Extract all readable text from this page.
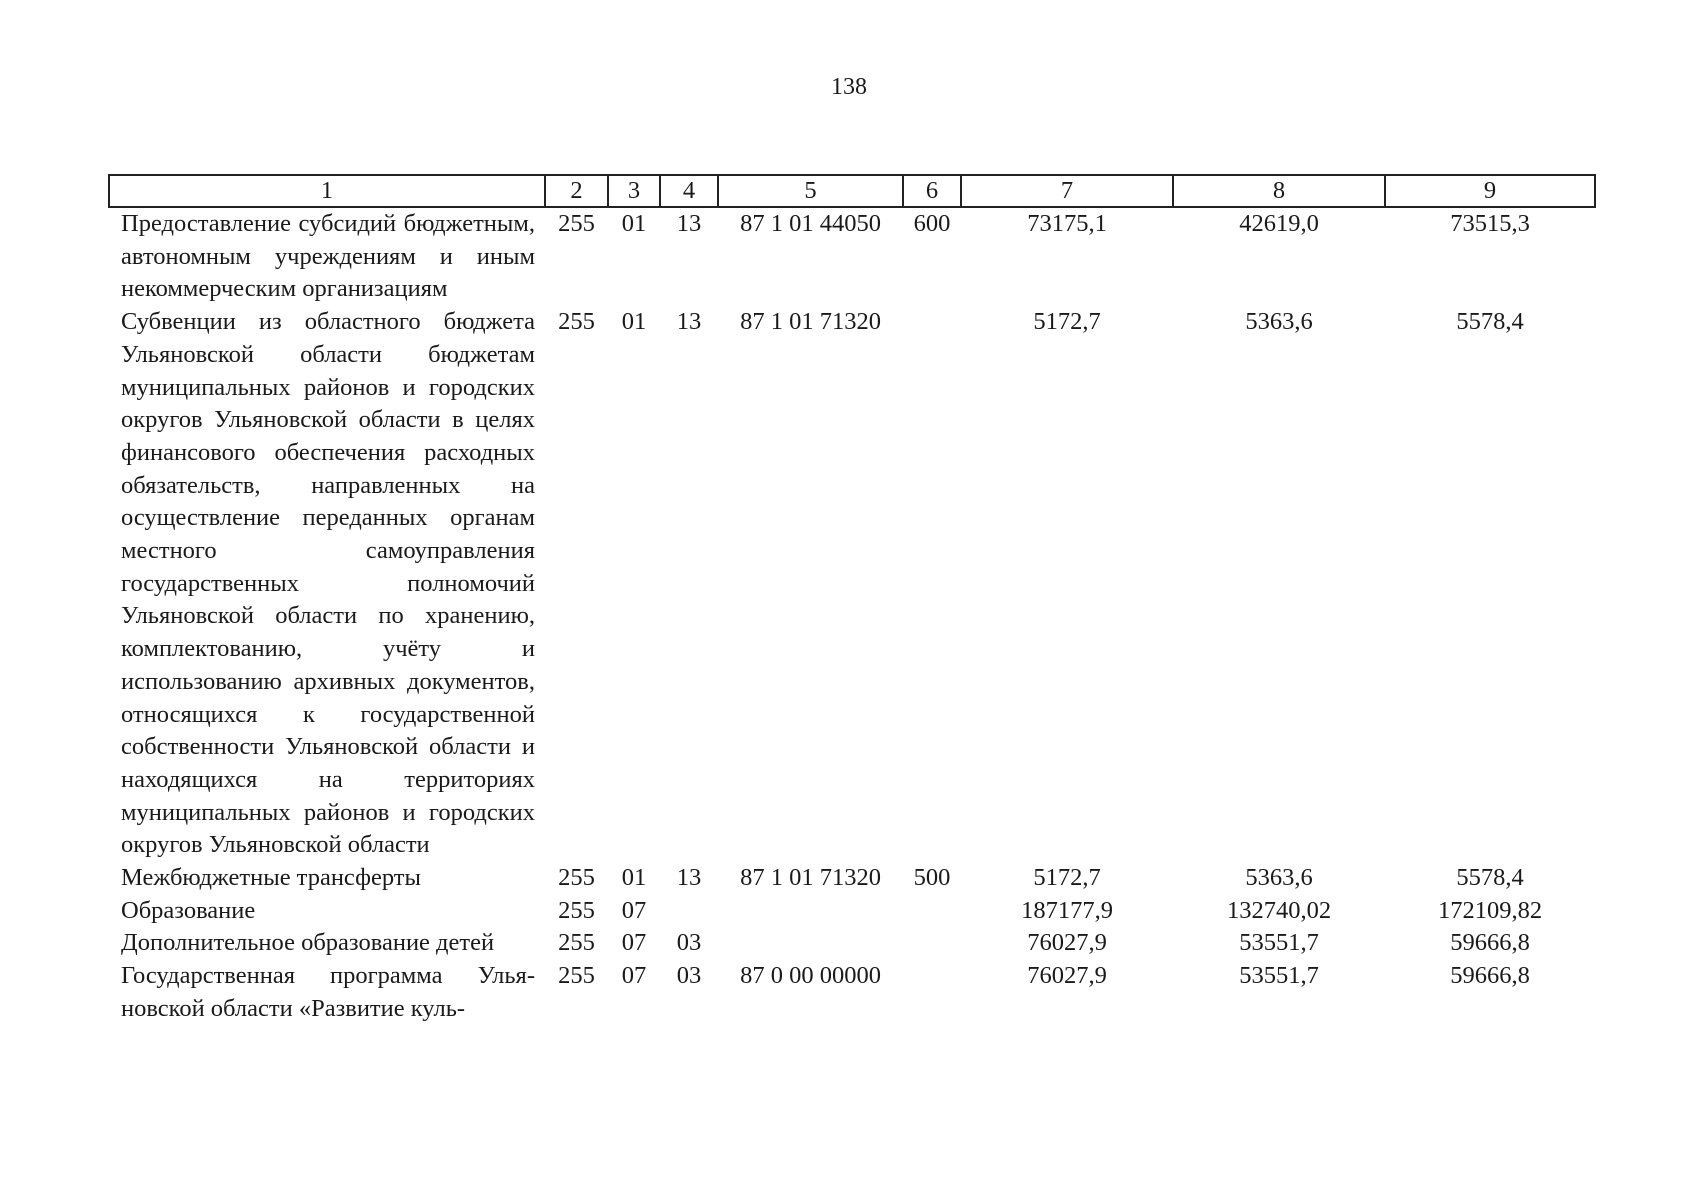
138
1	2	3	4	5	6	7	8	9
Предоставление субсидий бюджетным, автономным учреждениям и иным некоммерческим организациям	255	01	13	87 1 01 44050	600	73175,1	42619,0	73515,3
Субвенции из областного бюджета Ульяновской области бюджетам муниципальных районов и городских округов Ульяновской области в целях финансового обеспечения расходных обязательств, направленных на осуществление переданных органам местного самоуправления государственных полномочий Ульяновской области по хранению, комплектованию, учёту и использованию архивных документов, относящихся к государственной собственности Ульяновской области и находящихся на территориях муниципальных районов и городских округов Ульяновской области	255	01	13	87 1 01 71320		5172,7	5363,6	5578,4
Межбюджетные трансферты	255	01	13	87 1 01 71320	500	5172,7	5363,6	5578,4
Образование	255	07				187177,9	132740,02	172109,82
Дополнительное образование детей	255	07	03			76027,9	53551,7	59666,8
Государственная программа Ульяновской области «Развитие куль-	255	07	03	87 0 00 00000		76027,9	53551,7	59666,8
